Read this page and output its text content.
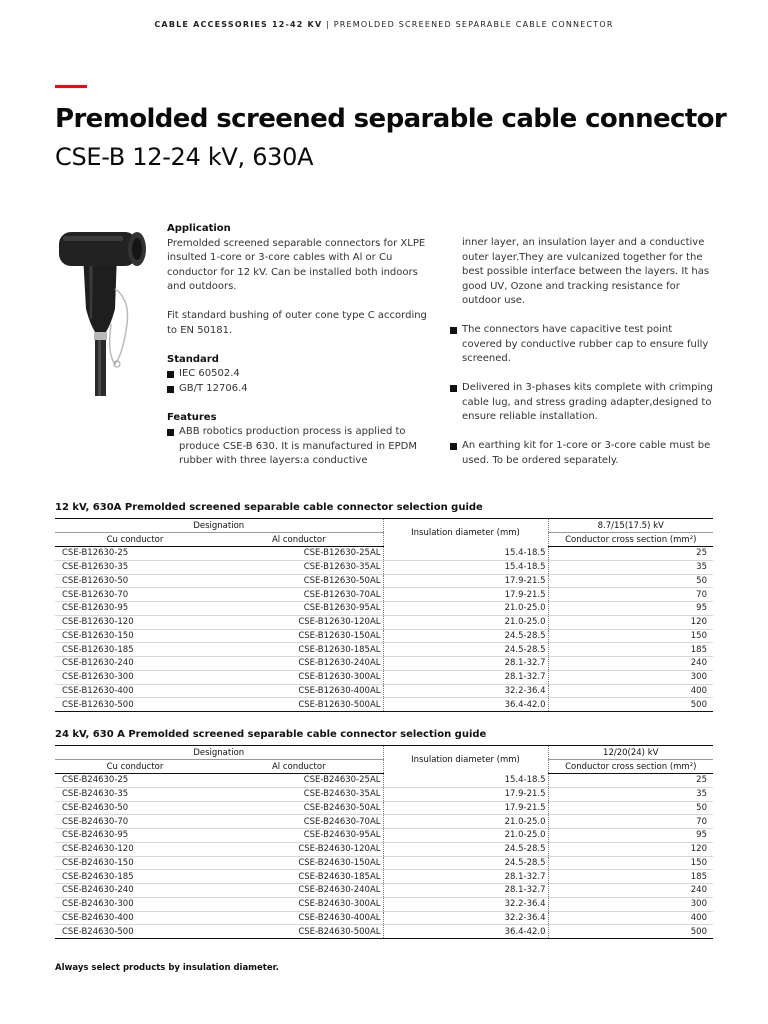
CABLE ACCESSORIES 12-42 KV | PREMOLDED SCREENED SEPARABLE CABLE CONNECTOR
Premolded screened separable cable connector
CSE-B 12-24 kV, 630A
Application

Premolded screened separable connectors for XLPE insulted 1-core or 3-core cables with Al or Cu conductor for 12 kV. Can be installed both indoors and outdoors.

Fit standard bushing of outer cone type C according to EN 50181.

Standard

IEC 60502.4

GB/T 12706.4

Features

ABB robotics production process is applied to produce CSE-B 630. It is manufactured in EPDM rubber with three layers:a conductive

inner layer, an insulation layer and a conductive outer layer.They are vulcanized together for the best possible interface between the layers. It has good UV, Ozone and tracking resistance for outdoor use.

The connectors have capacitive test point covered by conductive rubber cap to ensure fully screened.

Delivered in 3-phases kits complete with crimping cable lug, and stress grading adapter,designed to ensure reliable installation.

An earthing kit for 1-core or 3-core cable must be used. To be ordered separately.

12 kV, 630A Premolded screened separable cable connector selection guide
Designation		Insulation diameter (mm)	8.7/15(17.5) kV
Cu conductor	Al conductor		Conductor cross section (mm²)
CSE-B12630-25	CSE-B12630-25AL	15.4-18.5	25
CSE-B12630-35	CSE-B12630-35AL	15.4-18.5	35
CSE-B12630-50	CSE-B12630-50AL	17.9-21.5	50
CSE-B12630-70	CSE-B12630-70AL	17.9-21.5	70
CSE-B12630-95	CSE-B12630-95AL	21.0-25.0	95
CSE-B12630-120	CSE-B12630-120AL	21.0-25.0	120
CSE-B12630-150	CSE-B12630-150AL	24.5-28.5	150
CSE-B12630-185	CSE-B12630-185AL	24.5-28.5	185
CSE-B12630-240	CSE-B12630-240AL	28.1-32.7	240
CSE-B12630-300	CSE-B12630-300AL	28.1-32.7	300
CSE-B12630-400	CSE-B12630-400AL	32.2-36.4	400
CSE-B12630-500	CSE-B12630-500AL	36.4-42.0	500
24 kV, 630 A Premolded screened separable cable connector selection guide
Designation		Insulation diameter (mm)	12/20(24) kV
Cu conductor	Al conductor		Conductor cross section (mm²)
CSE-B24630-25	CSE-B24630-25AL	15.4-18.5	25
CSE-B24630-35	CSE-B24630-35AL	17.9-21.5	35
CSE-B24630-50	CSE-B24630-50AL	17.9-21.5	50
CSE-B24630-70	CSE-B24630-70AL	21.0-25.0	70
CSE-B24630-95	CSE-B24630-95AL	21.0-25.0	95
CSE-B24630-120	CSE-B24630-120AL	24.5-28.5	120
CSE-B24630-150	CSE-B24630-150AL	24.5-28.5	150
CSE-B24630-185	CSE-B24630-185AL	28.1-32.7	185
CSE-B24630-240	CSE-B24630-240AL	28.1-32.7	240
CSE-B24630-300	CSE-B24630-300AL	32.2-36.4	300
CSE-B24630-400	CSE-B24630-400AL	32.2-36.4	400
CSE-B24630-500	CSE-B24630-500AL	36.4-42.0	500
Always select products by insulation diameter.
